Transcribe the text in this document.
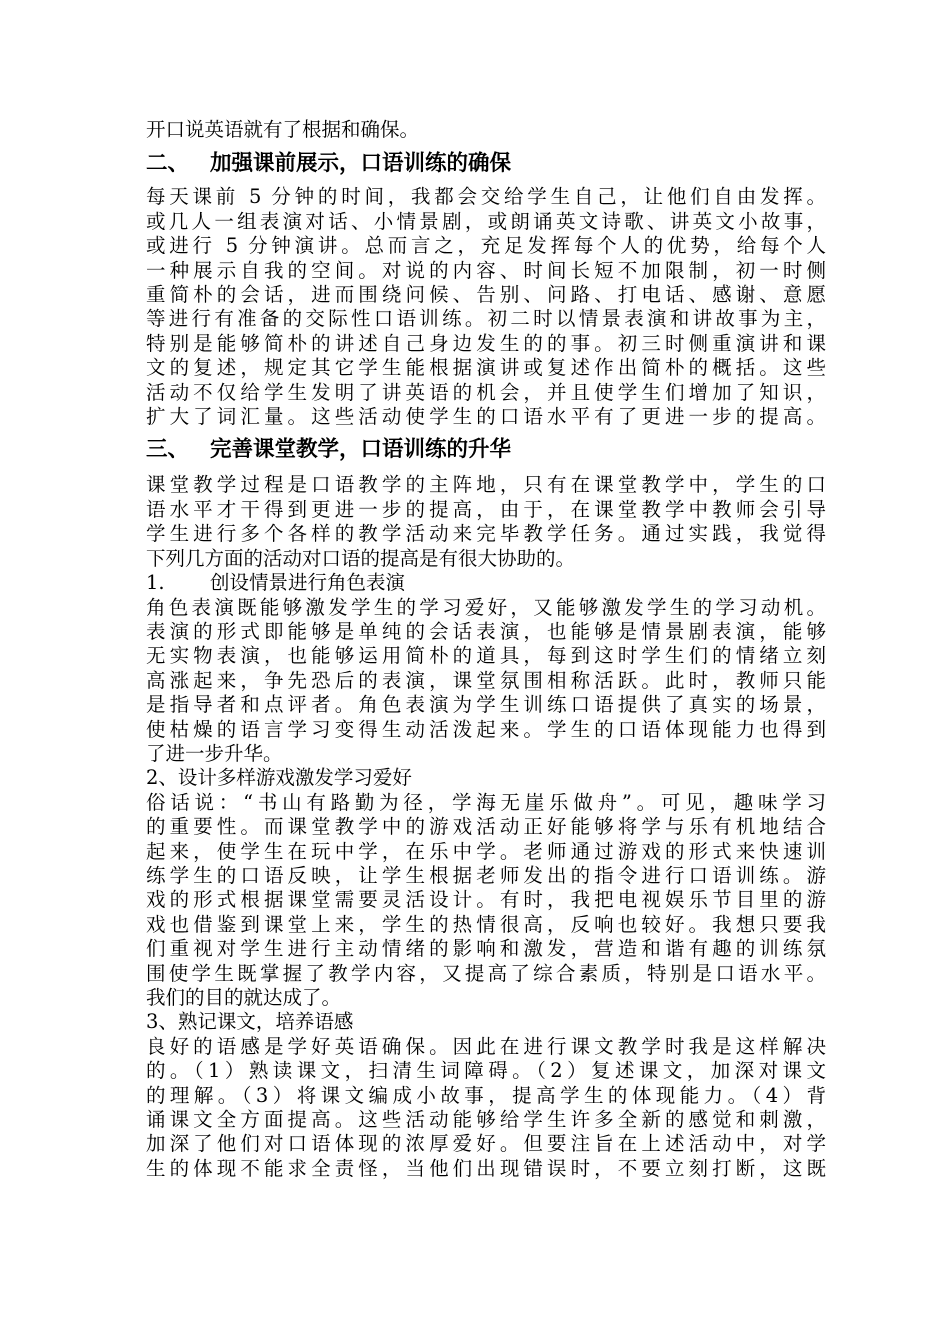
开口说英语就有了根据和确保。
二、 加强课前展示，口语训练的确保
每天课前 5 分钟的时间，我都会交给学生自己，让他们自由发挥。
或几人一组表演对话、小情景剧，或朗诵英文诗歌、讲英文小故事，
或进行 5 分钟演讲。总而言之，充足发挥每个人的优势，给每个人
一种展示自我的空间。对说的内容、时间长短不加限制，初一时侧
重简朴的会话，进而围绕问候、告别、问路、打电话、感谢、意愿
等进行有准备的交际性口语训练。初二时以情景表演和讲故事为主，
特别是能够简朴的讲述自己身边发生的的事。初三时侧重演讲和课
文的复述，规定其它学生能根据演讲或复述作出简朴的概括。这些
活动不仅给学生发明了讲英语的机会，并且使学生们增加了知识，
扩大了词汇量。这些活动使学生的口语水平有了更进一步的提高。
三、 完善课堂教学，口语训练的升华
课堂教学过程是口语教学的主阵地，只有在课堂教学中，学生的口
语水平才干得到更进一步的提高，由于，在课堂教学中教师会引导
学生进行多个各样的教学活动来完毕教学任务。通过实践，我觉得
下列几方面的活动对口语的提高是有很大协助的。
1. 创设情景进行角色表演
角色表演既能够激发学生的学习爱好，又能够激发学生的学习动机。
表演的形式即能够是单纯的会话表演，也能够是情景剧表演，能够
无实物表演，也能够运用简朴的道具，每到这时学生们的情绪立刻
高涨起来，争先恐后的表演，课堂氛围相称活跃。此时，教师只能
是指导者和点评者。角色表演为学生训练口语提供了真实的场景，
使枯燥的语言学习变得生动活泼起来。学生的口语体现能力也得到
了进一步升华。
2、设计多样游戏激发学习爱好
俗话说：“书山有路勤为径，学海无崖乐做舟”。可见，趣味学习
的重要性。而课堂教学中的游戏活动正好能够将学与乐有机地结合
起来，使学生在玩中学，在乐中学。老师通过游戏的形式来快速训
练学生的口语反映，让学生根据老师发出的指令进行口语训练。游
戏的形式根据课堂需要灵活设计。有时，我把电视娱乐节目里的游
戏也借鉴到课堂上来，学生的热情很高，反响也较好。我想只要我
们重视对学生进行主动情绪的影响和激发，营造和谐有趣的训练氛
围使学生既掌握了教学内容，又提高了综合素质，特别是口语水平。
我们的目的就达成了。
3、熟记课文，培养语感
良好的语感是学好英语确保。因此在进行课文教学时我是这样解决
的。（1）熟读课文，扫清生词障碍。（2）复述课文，加深对课文
的理解。（3）将课文编成小故事，提高学生的体现能力。（4）背
诵课文全方面提高。这些活动能够给学生许多全新的感觉和刺激，
加深了他们对口语体现的浓厚爱好。但要注旨在上述活动中，对学
生的体现不能求全责怪，当他们出现错误时，不要立刻打断，这既
